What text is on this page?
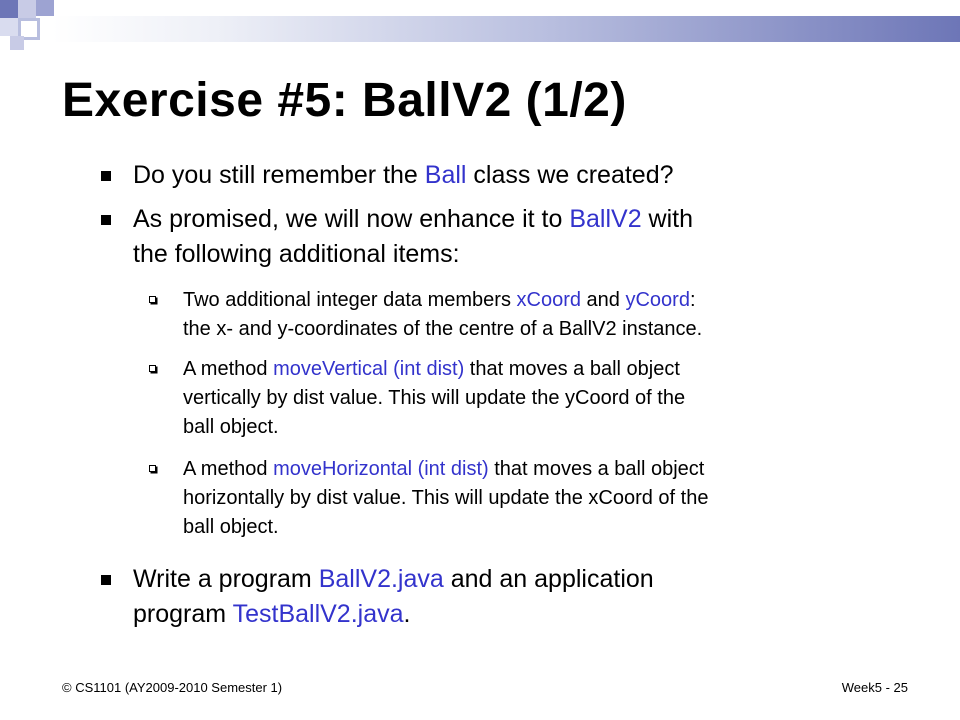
Exercise #5: BallV2 (1/2)
Do you still remember the Ball class we created?
As promised, we will now enhance it to BallV2 with
the following additional items:
Two additional integer data members xCoord and yCoord:
the x- and y-coordinates of the centre of a BallV2 instance.
A method moveVertical (int dist) that moves a ball object
vertically by dist value. This will update the yCoord of the
ball object.
A method moveHorizontal (int dist) that moves a ball object
horizontally by dist value. This will update the xCoord of the
ball object.
Write a program BallV2.java and an application
program TestBallV2.java.
© CS1101 (AY2009-2010 Semester 1)	Week5 - 25
